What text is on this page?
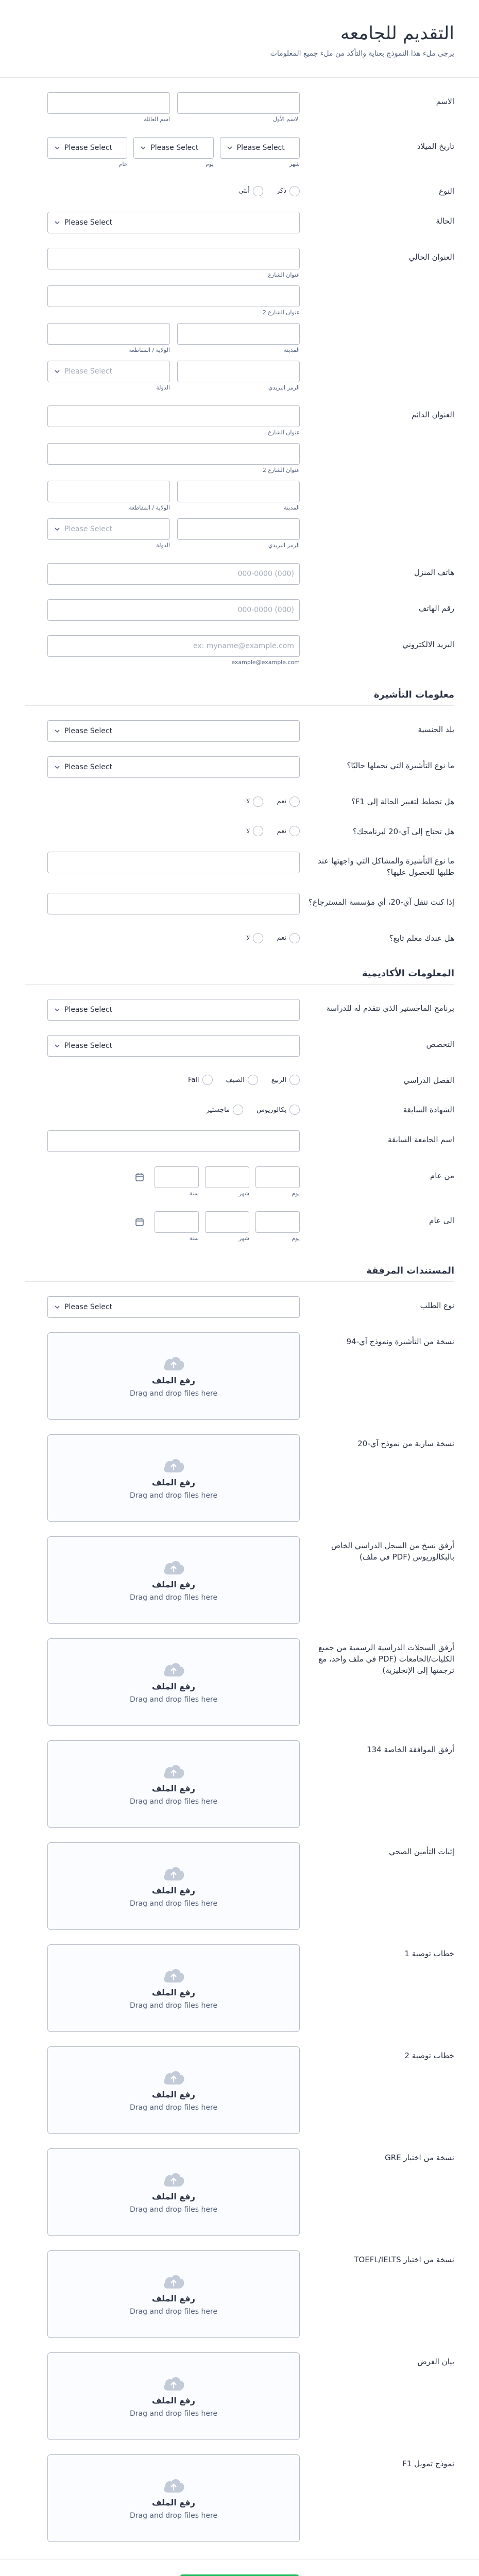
التقديم للجامعه

يرجى ملء هذا النموذج بعناية والتأكد من ملء جميع المعلومات

الاسم
الاسم الأول
اسم العائلة
تاريخ الميلاد
Please Select
شهر
Please Select
يوم
Please Select
عام
النوع
ذكر
أنثى
الحالة
Please Select
العنوان الحالي
عنوان الشارع
عنوان الشارع 2
المدينة
الولاية / المقاطعة
الرمز البريدي
Please Select
الدولة
العنوان الدائم
عنوان الشارع
عنوان الشارع 2
المدينة
الولاية / المقاطعة
الرمز البريدي
Please Select
الدولة
هاتف المنزل
(000) 000-0000
رقم الهاتف
(000) 000-0000
البريد الالكتروني
ex: myname@example.com
example@example.com
معلومات التأشيرة
بلد الجنسية
Please Select
ما نوع التأشيرة التي تحملها حاليًا؟
Please Select
هل تخطط لتغيير الحالة إلى F1؟
نعم
لا
هل تحتاج إلى آي-20 لبرنامجك؟
نعم
لا
ما نوع التأشيرة والمشاكل التي واجهتها عند طلبها للحصول عليها؟
إذا كنت تنقل آي-20، أي مؤسسة المسترجاع؟
هل عندك معلم تابع؟
نعم
لا
المعلومات الأكاديمية
برنامج الماجستير الذي تتقدم له للدراسة
Please Select
التخصص
Please Select
الفصل الدراسي
الربيع
الصيف
Fall
الشهادة السابقة
بكالوريوس
ماجستير
اسم الجامعة السابقة
من عام
يوم
شهر
سنة
الى عام
يوم
شهر
سنة
المستندات المرفقة
نوع الطلب
Please Select
نسخة من التأشيرة ونموذج آي-94
رفع الملف
Drag and drop files here
نسخة سارية من نموذج آي-20
رفع الملف
Drag and drop files here
أرفق نسخ من السجل الدراسي الخاص بالبكالوريوس (PDF في ملف)
رفع الملف
Drag and drop files here
أرفق السجلات الدراسية الرسمية من جميع الكليات/الجامعات (PDF في ملف واحد، مع ترجمتها إلى الإنجليزية)
رفع الملف
Drag and drop files here
أرفق الموافقة الخاصة 134
رفع الملف
Drag and drop files here
إثبات التأمين الصحي
رفع الملف
Drag and drop files here
خطاب توصية 1
رفع الملف
Drag and drop files here
خطاب توصية 2
رفع الملف
Drag and drop files here
نسخة من اختبار GRE
رفع الملف
Drag and drop files here
نسخة من اختبار TOEFL/IELTS
رفع الملف
Drag and drop files here
بيان الغرض
رفع الملف
Drag and drop files here
نموذج تمويل F1
رفع الملف
Drag and drop files here
